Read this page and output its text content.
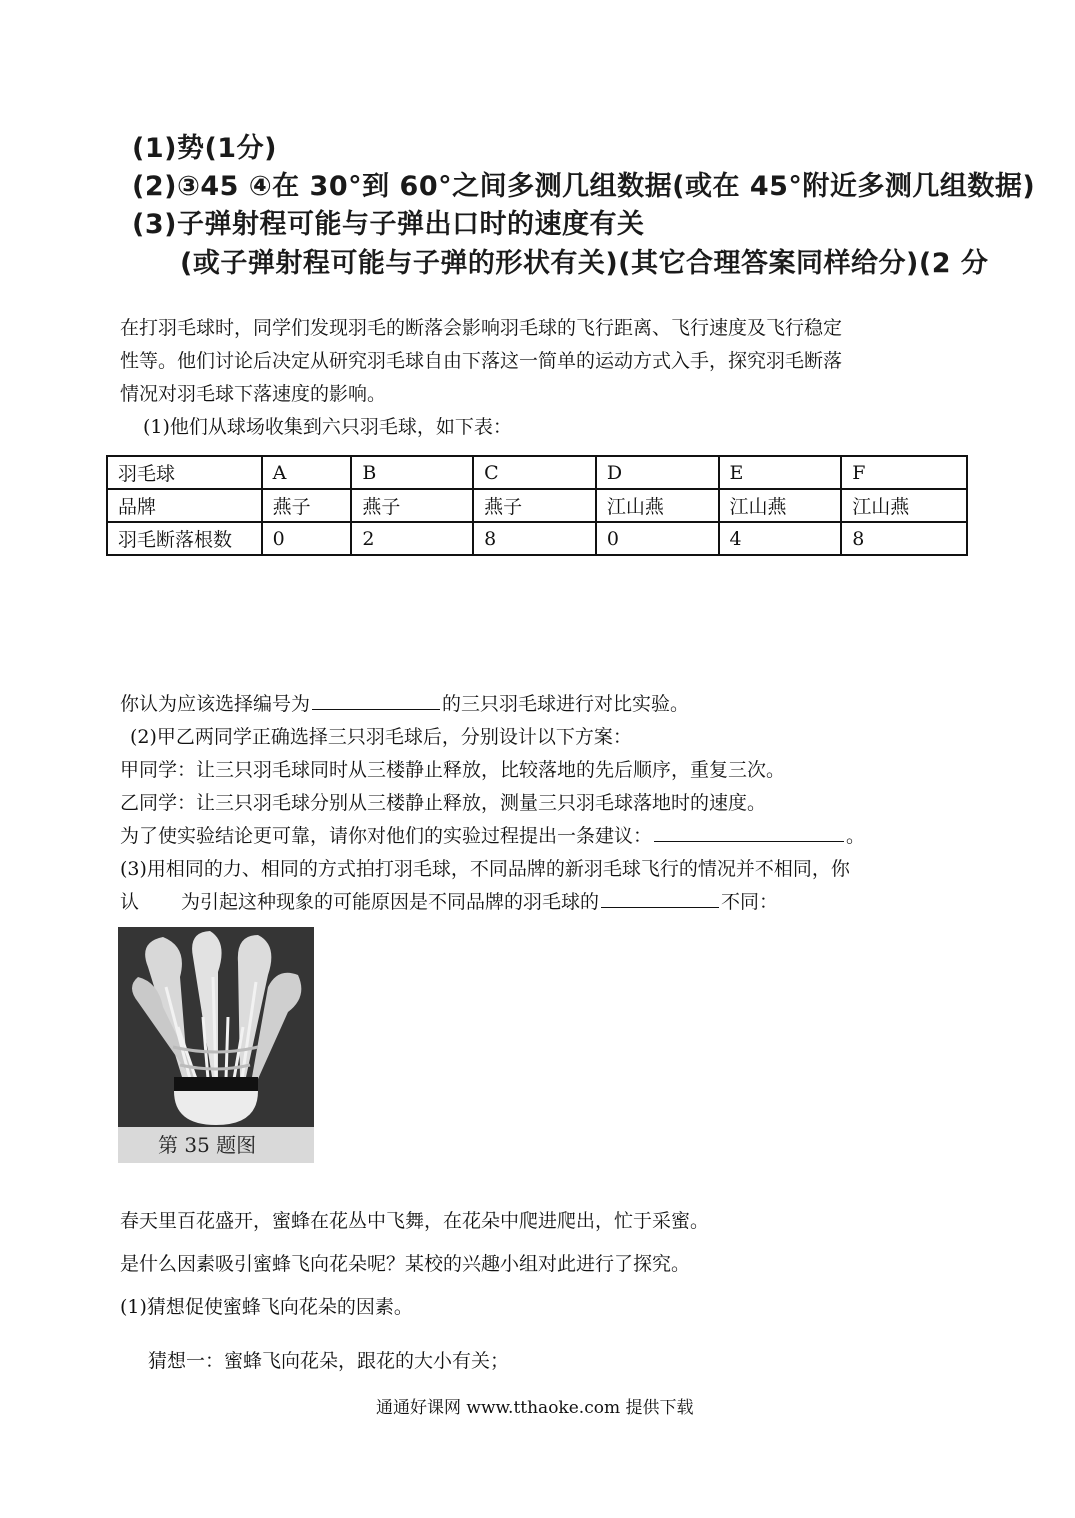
(1)势(1分)
(2)③45 ④在 30°到 60°之间多测几组数据(或在 45°附近多测几组数据)
(3)子弹射程可能与子弹出口时的速度有关
(或子弹射程可能与子弹的形状有关)(其它合理答案同样给分)(2 分
在打羽毛球时，同学们发现羽毛的断落会影响羽毛球的飞行距离、飞行速度及飞行稳定
性等。他们讨论后决定从研究羽毛球自由下落这一简单的运动方式入手，探究羽毛断落
情况对羽毛球下落速度的影响。
(1)他们从球场收集到六只羽毛球，如下表：
羽毛球	A	B	C	D	E	F
品牌	燕子	燕子	燕子	江山燕	江山燕	江山燕
羽毛断落根数	0	2	8	0	4	8
你认为应该选择编号为	的三只羽毛球进行对比实验。
(2)甲乙两同学正确选择三只羽毛球后，分别设计以下方案：
甲同学：让三只羽毛球同时从三楼静止释放，比较落地的先后顺序，重复三次。
乙同学：让三只羽毛球分别从三楼静止释放，测量三只羽毛球落地时的速度。
为了使实验结论更可靠，请你对他们的实验过程提出一条建议：	。
(3)用相同的力、相同的方式拍打羽毛球，不同品牌的新羽毛球飞行的情况并不相同，你
认 为引起这种现象的可能原因是不同品牌的羽毛球的	不同：
第 35 题图
春天里百花盛开，蜜蜂在花丛中飞舞，在花朵中爬进爬出，忙于采蜜。
是什么因素吸引蜜蜂飞向花朵呢？某校的兴趣小组对此进行了探究。
(1)猜想促使蜜蜂飞向花朵的因素。
猜想一：蜜蜂飞向花朵，跟花的大小有关；
通通好课网 www.tthaoke.com 提供下载
